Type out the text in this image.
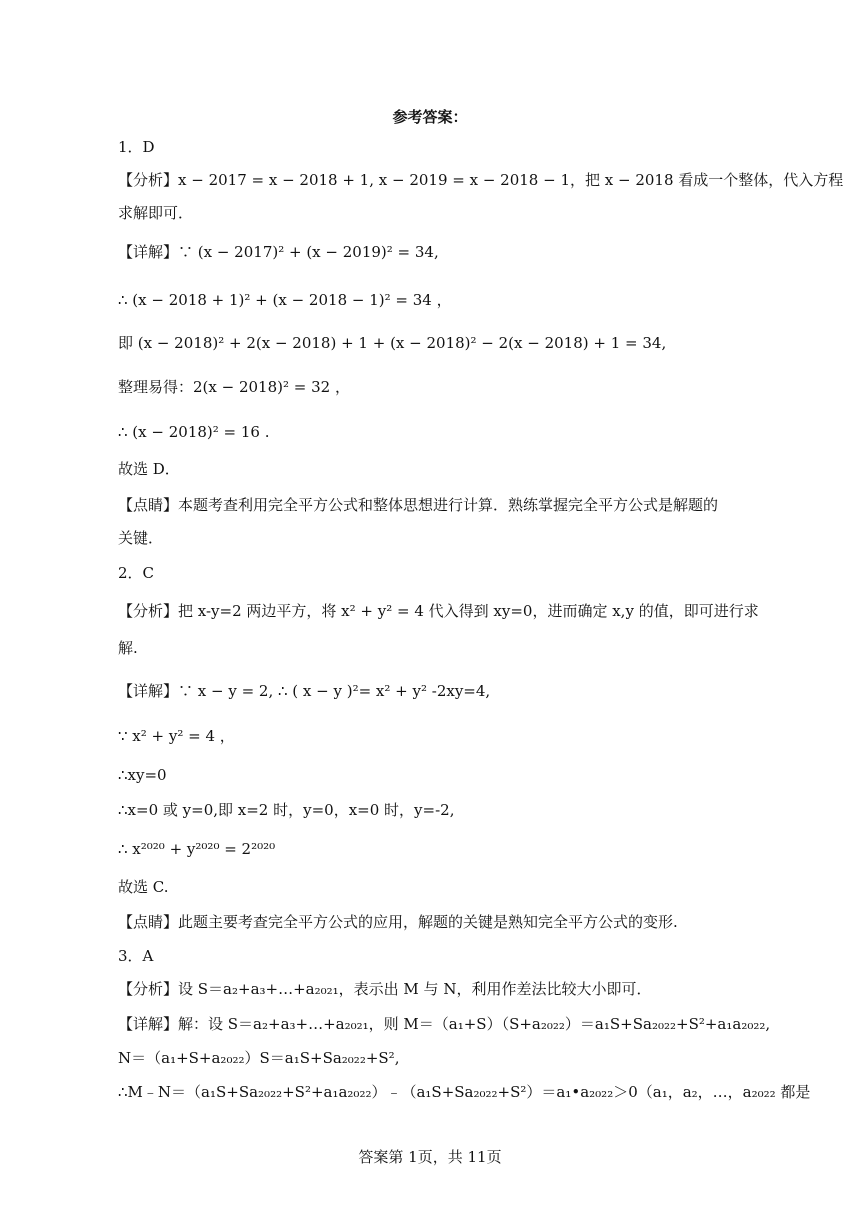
参考答案：
1．D
【分析】x − 2017 = x − 2018 + 1, x − 2019 = x − 2018 − 1，把 x − 2018 看成一个整体，代入方程
求解即可．
【详解】∵ (x − 2017)² + (x − 2019)² = 34,
∴ (x − 2018 + 1)² + (x − 2018 − 1)² = 34 ，
即 (x − 2018)² + 2(x − 2018) + 1 + (x − 2018)² − 2(x − 2018) + 1 = 34,
整理易得：2(x − 2018)² = 32 ，
∴ (x − 2018)² = 16 .
故选 D．
【点睛】本题考查利用完全平方公式和整体思想进行计算．熟练掌握完全平方公式是解题的
关键．
2．C
【分析】把 x-y=2 两边平方，将 x² + y² = 4 代入得到 xy=0，进而确定 x,y 的值，即可进行求
解.
【详解】∵ x − y = 2, ∴ ( x − y )²= x² + y² -2xy=4,
∵ x² + y² = 4 ，
∴xy=0
∴x=0 或 y=0,即 x=2 时，y=0，x=0 时，y=-2,
∴ x²⁰²⁰ + y²⁰²⁰ = 2²⁰²⁰
故选 C.
【点睛】此题主要考查完全平方公式的应用，解题的关键是熟知完全平方公式的变形.
3．A
【分析】设 S＝a₂+a₃+…+a₂₀₂₁，表示出 M 与 N，利用作差法比较大小即可．
【详解】解：设 S＝a₂+a₃+…+a₂₀₂₁，则 M＝（a₁+S）（S+a₂₀₂₂）＝a₁S+Sa₂₀₂₂+S²+a₁a₂₀₂₂,
N＝（a₁+S+a₂₀₂₂）S＝a₁S+Sa₂₀₂₂+S²,
∴M﹣N＝（a₁S+Sa₂₀₂₂+S²+a₁a₂₀₂₂）﹣（a₁S+Sa₂₀₂₂+S²）＝a₁•a₂₀₂₂＞0（a₁，a₂，…，a₂₀₂₂ 都是
答案第 1页，共 11页
